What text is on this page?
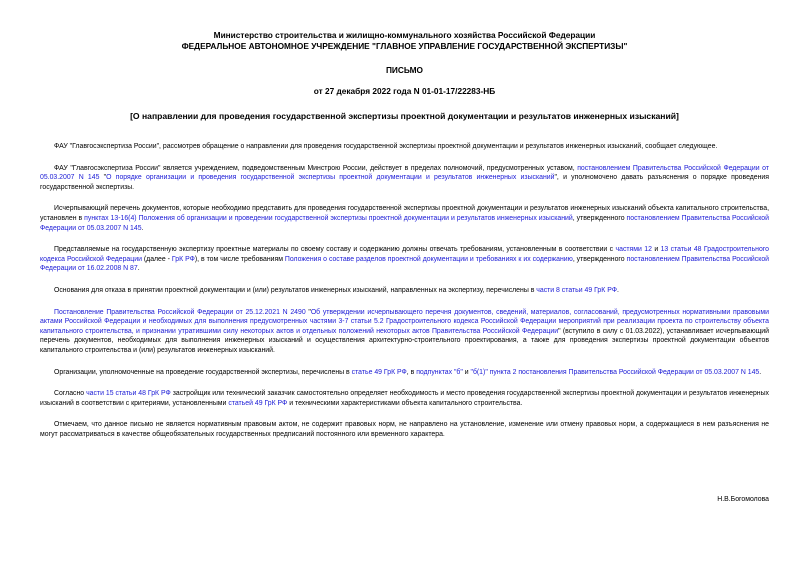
Министерство строительства и жилищно-коммунального хозяйства Российской Федерации
ФЕДЕРАЛЬНОЕ АВТОНОМНОЕ УЧРЕЖДЕНИЕ "ГЛАВНОЕ УПРАВЛЕНИЕ ГОСУДАРСТВЕННОЙ ЭКСПЕРТИЗЫ"
ПИСЬМО
от 27 декабря 2022 года N 01-01-17/22283-НБ
[О направлении для проведения государственной экспертизы проектной документации и результатов инженерных изысканий]

ФАУ "Главгосэкспертиза России", рассмотрев обращение о направлении для проведения государственной экспертизы проектной документации и результатов инженерных изысканий, сообщает следующее.

ФАУ "Главгосэкспертиза России" является учреждением, подведомственным Минстрою России, действует в пределах полномочий, предусмотренных уставом, постановлением Правительства Российской Федерации от 05.03.2007 N 145 "О порядке организации и проведения государственной экспертизы проектной документации и результатов инженерных изысканий", и уполномочено давать разъяснения о порядке проведения государственной экспертизы.

Исчерпывающий перечень документов, которые необходимо представить для проведения государственной экспертизы проектной документации и результатов инженерных изысканий объекта капитального строительства, установлен в пунктах 13-16(4) Положения об организации и проведении государственной экспертизы проектной документации и результатов инженерных изысканий, утвержденного постановлением Правительства Российской Федерации от 05.03.2007 N 145.

Представляемые на государственную экспертизу проектные материалы по своему составу и содержанию должны отвечать требованиям, установленным в соответствии с частями 12 и 13 статьи 48 Градостроительного кодекса Российской Федерации (далее - ГрК РФ), в том числе требованиям Положения о составе разделов проектной документации и требованиях к их содержанию, утвержденного постановлением Правительства Российской Федерации от 16.02.2008 N 87.

Основания для отказа в принятии проектной документации и (или) результатов инженерных изысканий, направленных на экспертизу, перечислены в части 8 статьи 49 ГрК РФ.

Постановление Правительства Российской Федерации от 25.12.2021 N 2490 "Об утверждении исчерпывающего перечня документов, сведений, материалов, согласований, предусмотренных нормативными правовыми актами Российской Федерации и необходимых для выполнения предусмотренных частями 3-7 статьи 5.2 Градостроительного кодекса Российской Федерации мероприятий при реализации проекта по строительству объекта капитального строительства, и признании утратившими силу некоторых актов и отдельных положений некоторых актов Правительства Российской Федерации" (вступило в силу с 01.03.2022), устанавливает исчерпывающий перечень документов, необходимых для выполнения инженерных изысканий и осуществления архитектурно-строительного проектирования, а также для проведения экспертизы проектной документации объектов капитального строительства и (или) результатов инженерных изысканий.

Организации, уполномоченные на проведение государственной экспертизы, перечислены в статье 49 ГрК РФ, в подпунктах "б" и "б(1)" пункта 2 постановления Правительства Российской Федерации от 05.03.2007 N 145.

Согласно части 15 статьи 48 ГрК РФ застройщик или технический заказчик самостоятельно определяет необходимость и место проведения государственной экспертизы проектной документации и результатов инженерных изысканий в соответствии с критериями, установленными статьей 49 ГрК РФ и техническими характеристиками объекта капитального строительства.

Отмечаем, что данное письмо не является нормативным правовым актом, не содержит правовых норм, не направлено на установление, изменение или отмену правовых норм, а содержащиеся в нем разъяснения не могут рассматриваться в качестве общеобязательных государственных предписаний постоянного или временного характера.

Н.В.Богомолова
